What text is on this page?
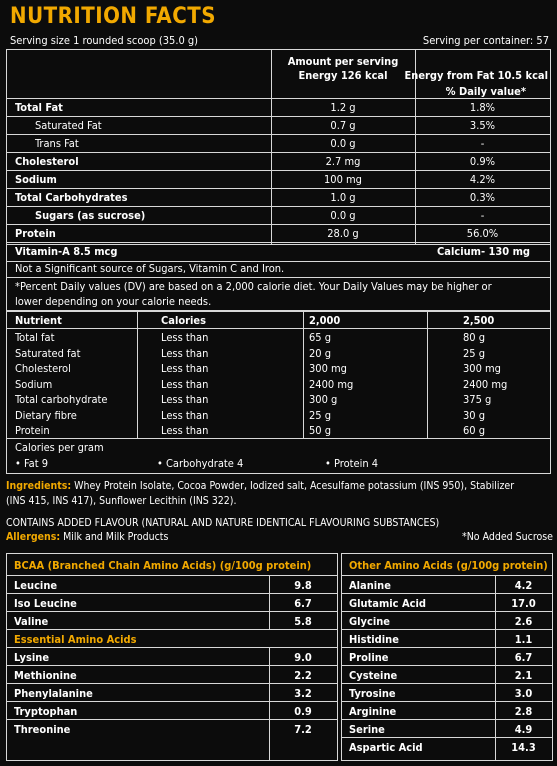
NUTRITION FACTS
Serving size 1 rounded scoop (35.0 g)	Serving per container: 57
Amount per serving
Energy 126 kcal	Energy from Fat 10.5 kcal
% Daily value*
Total Fat	1.2 g	1.8%
Saturated Fat	0.7 g	3.5%
Trans Fat	0.0 g	-
Cholesterol	2.7 mg	0.9%
Sodium	100 mg	4.2%
Total Carbohydrates	1.0 g	0.3%
Sugars (as sucrose)	0.0 g	-
Protein	28.0 g	56.0%
Vitamin-A 8.5 mcg	Calcium- 130 mg
Not a Significant source of Sugars, Vitamin C and Iron.
*Percent Daily values (DV) are based on a 2,000 calorie diet. Your Daily Values may be higher or
lower depending on your calorie needs.
Nutrient	Calories	2,000	2,500
Total fat	Less than	65 g	80 g
Saturated fat	Less than	20 g	25 g
Cholesterol	Less than	300 mg	300 mg
Sodium	Less than	2400 mg	2400 mg
Total carbohydrate	Less than	300 g	375 g
Dietary fibre	Less than	25 g	30 g
Protein	Less than	50 g	60 g
Calories per gram
• Fat 9	• Carbohydrate 4	• Protein 4
Ingredients: Whey Protein Isolate, Cocoa Powder, Iodized salt, Acesulfame potassium (INS 950), Stabilizer
(INS 415, INS 417), Sunflower Lecithin (INS 322).
CONTAINS ADDED FLAVOUR (NATURAL AND NATURE IDENTICAL FLAVOURING SUBSTANCES)
Allergens: Milk and Milk Products	*No Added Sucrose
BCAA (Branched Chain Amino Acids) (g/100g protein)
Essential Amino Acids
Leucine	9.8
Iso Leucine	6.7
Valine	5.8
Lysine	9.0
Methionine	2.2
Phenylalanine	3.2
Tryptophan	0.9
Threonine	7.2
Other Amino Acids (g/100g protein)
Alanine	4.2
Glutamic Acid	17.0
Glycine	2.6
Histidine	1.1
Proline	6.7
Cysteine	2.1
Tyrosine	3.0
Arginine	2.8
Serine	4.9
Aspartic Acid	14.3
